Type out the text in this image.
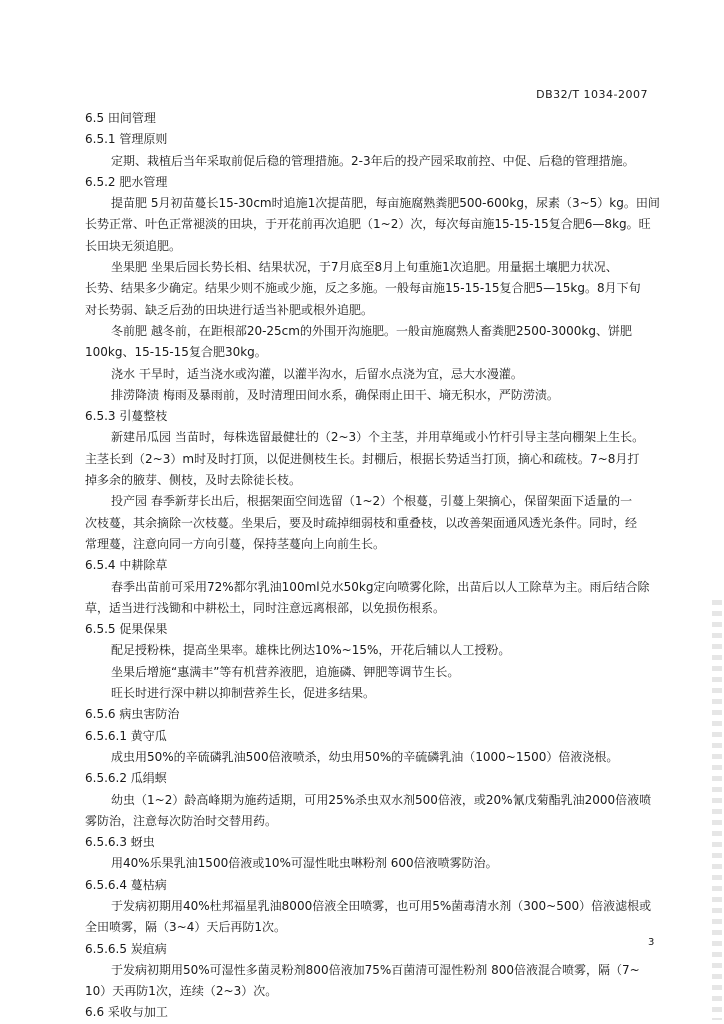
DB32/T 1034-2007
6.5 田间管理
6.5.1 管理原则
定期、栽植后当年采取前促后稳的管理措施。2-3年后的投产园采取前控、中促、后稳的管理措施。
6.5.2 肥水管理
提苗肥 5月初苗蔓长15-30cm时追施1次提苗肥，每亩施腐熟粪肥500-600kg，尿素（3~5）kg。田间
长势正常、叶色正常褪淡的田块，于开花前再次追肥（1~2）次，每次每亩施15-15-15复合肥6—8kg。旺
长田块无须追肥。
坐果肥 坐果后园长势长相、结果状况，于7月底至8月上旬重施1次追肥。用量据土壤肥力状况、
长势、结果多少确定。结果少则不施或少施，反之多施。一般每亩施15-15-15复合肥5—15kg。8月下旬
对长势弱、缺乏后劲的田块进行适当补肥或根外追肥。
冬前肥 越冬前，在距根部20-25cm的外围开沟施肥。一般亩施腐熟人畜粪肥2500-3000kg、饼肥
100kg、15-15-15复合肥30kg。
浇水 干旱时，适当浇水或沟灌，以灌半沟水，后留水点浇为宜，忌大水漫灌。
排涝降渍 梅雨及暴雨前，及时清理田间水系，确保雨止田干、墒无积水，严防涝渍。
6.5.3 引蔓整枝
新建吊瓜园 当苗时，每株选留最健壮的（2~3）个主茎，并用草绳或小竹杆引导主茎向棚架上生长。
主茎长到（2~3）m时及时打顶，以促进侧枝生长。封棚后，根据长势适当打顶，摘心和疏枝。7~8月打
掉多余的腋芽、侧枝，及时去除徒长枝。
投产园 春季新芽长出后，根据架面空间选留（1~2）个根蔓，引蔓上架摘心，保留架面下适量的一
次枝蔓，其余摘除一次枝蔓。坐果后，要及时疏掉细弱枝和重叠枝，以改善架面通风透光条件。同时，经
常理蔓，注意向同一方向引蔓，保持茎蔓向上向前生长。
6.5.4 中耕除草
春季出苗前可采用72%都尔乳油100ml兑水50kg定向喷雾化除，出苗后以人工除草为主。雨后结合除
草，适当进行浅锄和中耕松土，同时注意远离根部，以免损伤根系。
6.5.5 促果保果
配足授粉株，提高坐果率。雄株比例达10%~15%，开花后辅以人工授粉。
坐果后增施“惠满丰”等有机营养液肥，追施磷、钾肥等调节生长。
旺长时进行深中耕以抑制营养生长，促进多结果。
6.5.6 病虫害防治
6.5.6.1 黄守瓜
成虫用50%的辛硫磷乳油500倍液喷杀，幼虫用50%的辛硫磷乳油（1000~1500）倍液浇根。
6.5.6.2 瓜绢螟
幼虫（1~2）龄高峰期为施药适期，可用25%杀虫双水剂500倍液，或20%氰戊菊酯乳油2000倍液喷
雾防治，注意每次防治时交替用药。
6.5.6.3 蚜虫
用40%乐果乳油1500倍液或10%可湿性吡虫啉粉剂 600倍液喷雾防治。
6.5.6.4 蔓枯病
于发病初期用40%杜邦福星乳油8000倍液全田喷雾，也可用5%菌毒清水剂（300~500）倍液滤根或
全田喷雾，隔（3~4）天后再防1次。
6.5.6.5 炭疽病
于发病初期用50%可湿性多菌灵粉剂800倍液加75%百菌清可湿性粉剂 800倍液混合喷雾，隔（7~
10）天再防1次，连续（2~3）次。
6.6 采收与加工
3
